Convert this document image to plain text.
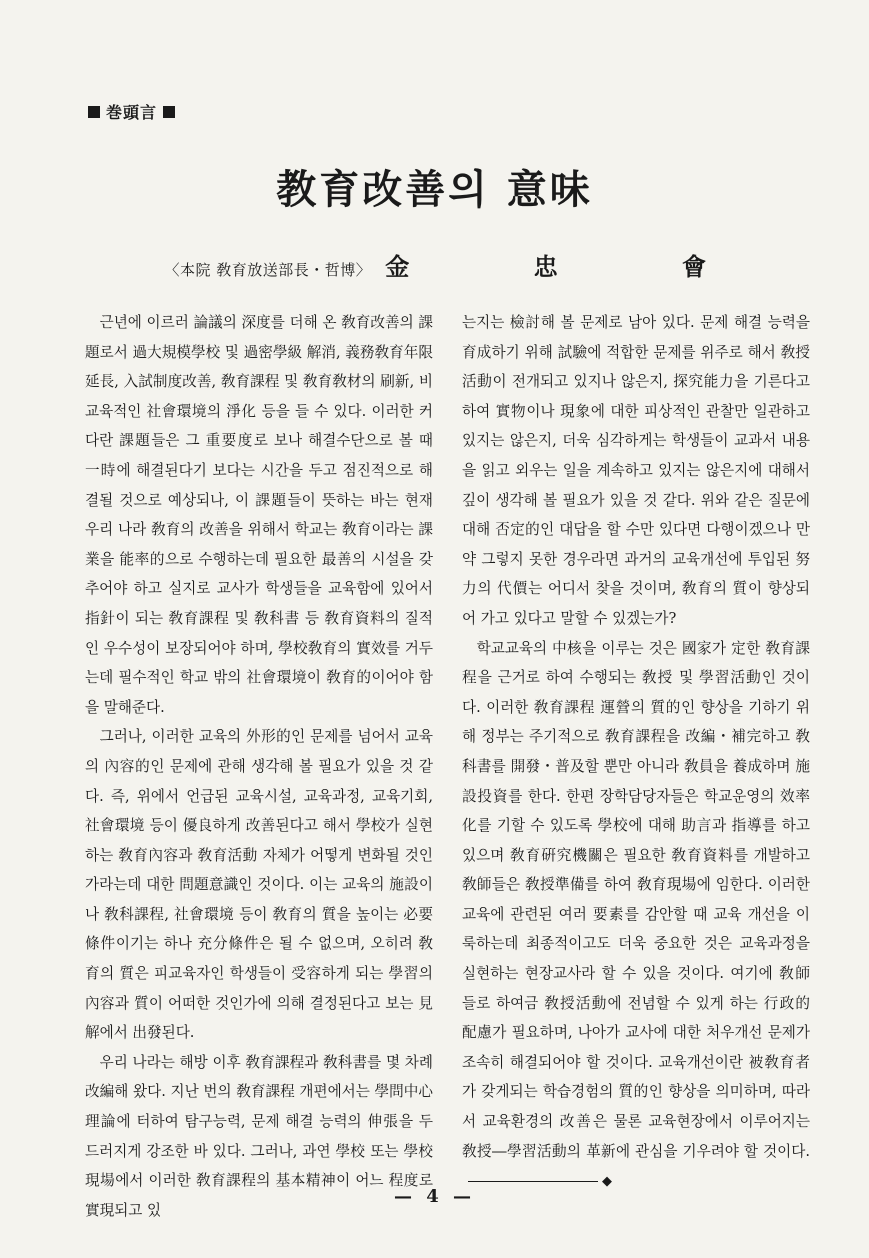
巻頭言
教育改善의 意味
〈本院 敎育放送部長・哲博〉 金 忠 會

근년에 이르러 論議의 深度를 더해 온 敎育改善의 課題로서 過大規模學校 및 過密學級 解消, 義務敎育年限延長, 入試制度改善, 敎育課程 및 敎育敎材의 刷新, 비교육적인 社會環境의 淨化 등을 들 수 있다. 이러한 커다란 課題들은 그 重要度로 보나 해결수단으로 볼 때 一時에 해결된다기 보다는 시간을 두고 점진적으로 해결될 것으로 예상되나, 이 課題들이 뜻하는 바는 현재 우리 나라 敎育의 改善을 위해서 학교는 敎育이라는 課業을 能率的으로 수행하는데 필요한 最善의 시설을 갖추어야 하고 실지로 교사가 학생들을 교육함에 있어서 指針이 되는 敎育課程 및 敎科書 등 敎育資料의 질적인 우수성이 보장되어야 하며, 學校敎育의 實效를 거두는데 필수적인 학교 밖의 社會環境이 敎育的이어야 함을 말해준다.

그러나, 이러한 교육의 外形的인 문제를 넘어서 교육의 內容的인 문제에 관해 생각해 볼 필요가 있을 것 같다. 즉, 위에서 언급된 교육시설, 교육과정, 교육기회, 社會環境 등이 優良하게 改善된다고 해서 學校가 실현하는 敎育內容과 敎育活動 자체가 어떻게 변화될 것인가라는데 대한 問題意識인 것이다. 이는 교육의 施設이나 敎科課程, 社會環境 등이 敎育의 質을 높이는 必要條件이기는 하나 充分條件은 될 수 없으며, 오히려 敎育의 質은 피교육자인 학생들이 受容하게 되는 學習의 內容과 質이 어떠한 것인가에 의해 결정된다고 보는 見解에서 出發된다.

우리 나라는 해방 이후 敎育課程과 敎科書를 몇 차례 改編해 왔다. 지난 번의 敎育課程 개편에서는 學問中心理論에 터하여 탐구능력, 문제 해결 능력의 伸張을 두드러지게 강조한 바 있다. 그러나, 과연 學校 또는 學校現場에서 이러한 敎育課程의 基本精神이 어느 程度로 實現되고 있

는지는 檢討해 볼 문제로 남아 있다. 문제 해결 능력을 育成하기 위해 試驗에 적합한 문제를 위주로 해서 敎授活動이 전개되고 있지나 않은지, 探究能力을 기른다고 하여 實物이나 現象에 대한 피상적인 관찰만 일관하고 있지는 않은지, 더욱 심각하게는 학생들이 교과서 내용을 읽고 외우는 일을 계속하고 있지는 않은지에 대해서 깊이 생각해 볼 필요가 있을 것 같다. 위와 같은 질문에 대해 否定的인 대답을 할 수만 있다면 다행이겠으나 만약 그렇지 못한 경우라면 과거의 교육개선에 투입된 努力의 代價는 어디서 찾을 것이며, 敎育의 質이 향상되어 가고 있다고 말할 수 있겠는가?

학교교육의 中核을 이루는 것은 國家가 定한 敎育課程을 근거로 하여 수행되는 敎授 및 學習活動인 것이다. 이러한 敎育課程 運營의 質的인 향상을 기하기 위해 정부는 주기적으로 敎育課程을 改編・補完하고 敎科書를 開發・普及할 뿐만 아니라 敎員을 養成하며 施設投資를 한다. 한편 장학담당자들은 학교운영의 效率化를 기할 수 있도록 學校에 대해 助言과 指導를 하고 있으며 敎育硏究機關은 필요한 敎育資料를 개발하고 敎師들은 敎授準備를 하여 敎育現場에 임한다. 이러한 교육에 관련된 여러 要素를 감안할 때 교육 개선을 이룩하는데 최종적이고도 더욱 중요한 것은 교육과정을 실현하는 현장교사라 할 수 있을 것이다. 여기에 敎師들로 하여금 敎授活動에 전념할 수 있게 하는 行政的 配慮가 필요하며, 나아가 교사에 대한 처우개선 문제가 조속히 해결되어야 할 것이다. 교육개선이란 被敎育者가 갖게되는 학습경험의 質的인 향상을 의미하며, 따라서 교육환경의 改善은 물론 교육현장에서 이루어지는 敎授―學習活動의 革新에 관심을 기우려야 할 것이다.◆

— 4 —
